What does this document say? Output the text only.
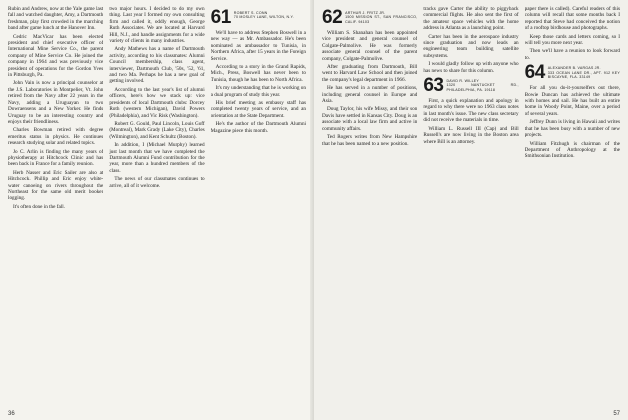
Rubin and Andrew, now at the Yale game last fall and watched daughter, Amy, a Dartmouth freshman, play first crowded in the marching band after game lunch at the Hanover Inn.

Cedric MacVicar has been elected president and chief executive officer of International Mine Service Co., the parent company of Mine Service Co. He joined the company in 1964 and was previously vice president of operations for the Gordon Yves in Pittsburgh, Pa.

John Vain is now a principal counselor at the J.S. Laboratories in Montpelier, Vt. John retired from the Navy after 22 years in the Navy, adding a Uruguayan to two Dowraensens and a New Yorker. He finds Uruguay to be an interesting country and enjoys their friendliness.

Charles Bowman retired with degree emeritus status in physics. He continues research studying solar and related topics.

Jo C. Arlin is finding the many years of physiotherapy at Hitchcock Clinic and has been back in France for a family reunion.

Herb Nasser and Eric Sailer are also at Hitchcock. Phillip and Eric enjoy white-water canoeing on rivers throughout the Northeast for the same old merit booker logging.

It's often done in the fall.

two major hours. I decided to do my own thing. Last year I formed my own consulting firm and called it, oddly enough, George Ruth Associates. We are located at Harvard Hill, N.J., and handle assignments for a wide variety of clients in many industries.

Andy Mathews has a name of Dartmouth activity, according to his classmates: Alumni Council membership, class agent, interviewer, Dartmouth Club, '50s, '52, '61, and two Ma. Perhaps he has a new goal of getting involved.

According to the last year's list of alumni officers, here's how we stack up: vice presidents of local Dartmouth clubs: Dorcey Roth (western Michigan), David Powers (Philadelphia), and Vic Risk (Washington).

Robert G. Gould, Paul Lincoln, Louis Goff (Montreal), Mark Grady (Lake City), Charles (Wilmington), and Kent Schultz (Boston).

In addition, I (Michael Murphy) learned just last month that we have completed the Dartmouth Alumni Fund contribution for the year, more than a hundred members of the class.

The news of our classmates continues to arrive, all of it welcome.

61 ROBERT S. CONN
70 MOSLEY LANE, WILTON, N.Y.

We'll have to address Stephen Boswell in a new way — as Mr. Ambassador. He's been nominated as ambassador to Tunisia, in Northern Africa, after 15 years in the Foreign Service.

According to a story in the Grand Rapids, Mich., Press, Boswell has never been to Tunisia, though he has been to North Africa.

It's my understanding that he is working on a dual program of study this year.

His brief meeting as embassy staff has completed twenty years of service, and an orientation at the State Department.

He's the author of the Dartmouth Alumni Magazine piece this month.

36
62 ARTHUR J. FRITZ JR.
1500 MISSION ST., SAN FRANCISCO, CALIF. 94103

William S. Shanahan has been appointed vice president and general counsel of Colgate-Palmolive. He was formerly associate general counsel of the parent company, Colgate-Palmolive.

After graduating from Dartmouth, Bill went to Harvard Law School and then joined the company's legal department in 1966.

He has served in a number of positions, including general counsel in Europe and Asia.

Doug Taylor, his wife Missy, and their son Davis have settled in Kansas City. Doug is an associate with a local law firm and active in community affairs.

Ted Rogers writes from New Hampshire that he has been named to a new position.

tracks gave Carter the ability to piggyback commercial flights. He also sent the first of the amateur space vehicles with the home address in Atlanta as a launching point.

Carter has been in the aerospace industry since graduation and now leads an engineering team building satellite subsystems.

I would gladly follow up with anyone who has news to share for this column.

63 DAVID R. WILLEY
1320 NANTUCKET RD., PHILADELPHIA, PA. 19118

First, a quick explanation and apology in regard to why there were no 1963 class notes in last month's issue. The new class secretary did not receive the materials in time.

William L. Russell III (Cap) and Bill Russell's are now living in the Boston area where Bill is an attorney.

paper there is called). Careful readers of this column will recall that some months back I reported that Steve had conceived the notion of a rooftop birdhouse and photographs.

Keep those cards and letters coming, so I will tell you more next year.

Then we'll have a reunion to look forward to.

64 ALEXANDER B. VARGAS JR.
333 OCEAN LANE DR., APT. 912 KEY BISCAYNE, FLA. 33149

For all you do-it-yourselfers out there, Bowie Duncan has achieved the ultimate with homes and sail. He has built an entire home in Woody Point, Maine, over a period of several years.

Jeffrey Dunn is living in Hawaii and writes that he has been busy with a number of new projects.

William Fitzhugh is chairman of the Department of Anthropology at the Smithsonian Institution.

57
